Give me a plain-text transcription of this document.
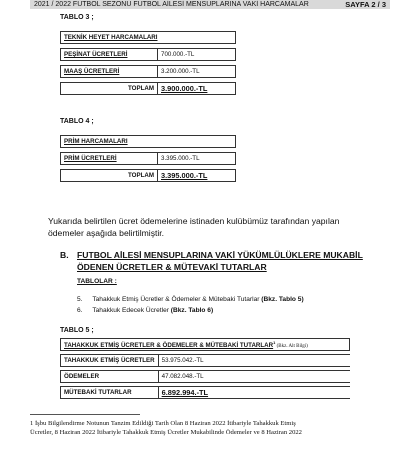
2021 / 2022 FUTBOL SEZONU FUTBOL AİLESİ MENSUPLARINA VAKİ HARCAMALAR	SAYFA 2 / 3
TABLO 3 ;
TEKNİK HEYET HARCAMALARI	

PEŞİNAT ÜCRETLERİ	700.000.-TL

MAAŞ ÜCRETLERİ	3.200.000.-TL

TOPLAM	3.900.000.-TL
TABLO 4 ;
PRİM HARCAMALARI	

PRİM ÜCRETLERİ	3.395.000.-TL

TOPLAM	3.395.000.-TL
Yukarıda belirtilen ücret ödemelerine istinaden kulübümüz tarafından yapılan
ödemeler aşağıda belirtilmiştir.
B. FUTBOL AİLESİ MENSUPLARINA VAKİ YÜKÜMLÜLÜKLERE MUKABİL
ÖDENEN ÜCRETLER & MÜTEVAKİ TUTARLAR
TABLOLAR :
5. Tahakkuk Etmiş Ücretler & Ödemeler & Mütebaki Tutarlar (Bkz. Tablo 5)
6. Tahakkuk Edecek Ücretler (Bkz. Tablo 6)
TABLO 5 ;
TAHAKKUK ETMİŞ ÜCRETLER & ÖDEMELER & MÜTEBAKİ TUTARLAR$^1$ (Bkz. Alt Bilgi)	

TAHAKKUK ETMİŞ ÜCRETLER	53.975.042.-TL

ÖDEMELER	47.082.048.-TL

MÜTEBAKİ TUTARLAR	6.892.994.-TL
1 İşbu Bilgilendirme Notunun Tanzim Edildiği Tarih Olan 8 Haziran 2022 İtibariyle Tahakkuk Etmiş
Ücretler, 8 Haziran 2022 İtibariyle Tahakkuk Etmiş Ücretler Mukabilinde Ödemeler ve 8 Haziran 2022
